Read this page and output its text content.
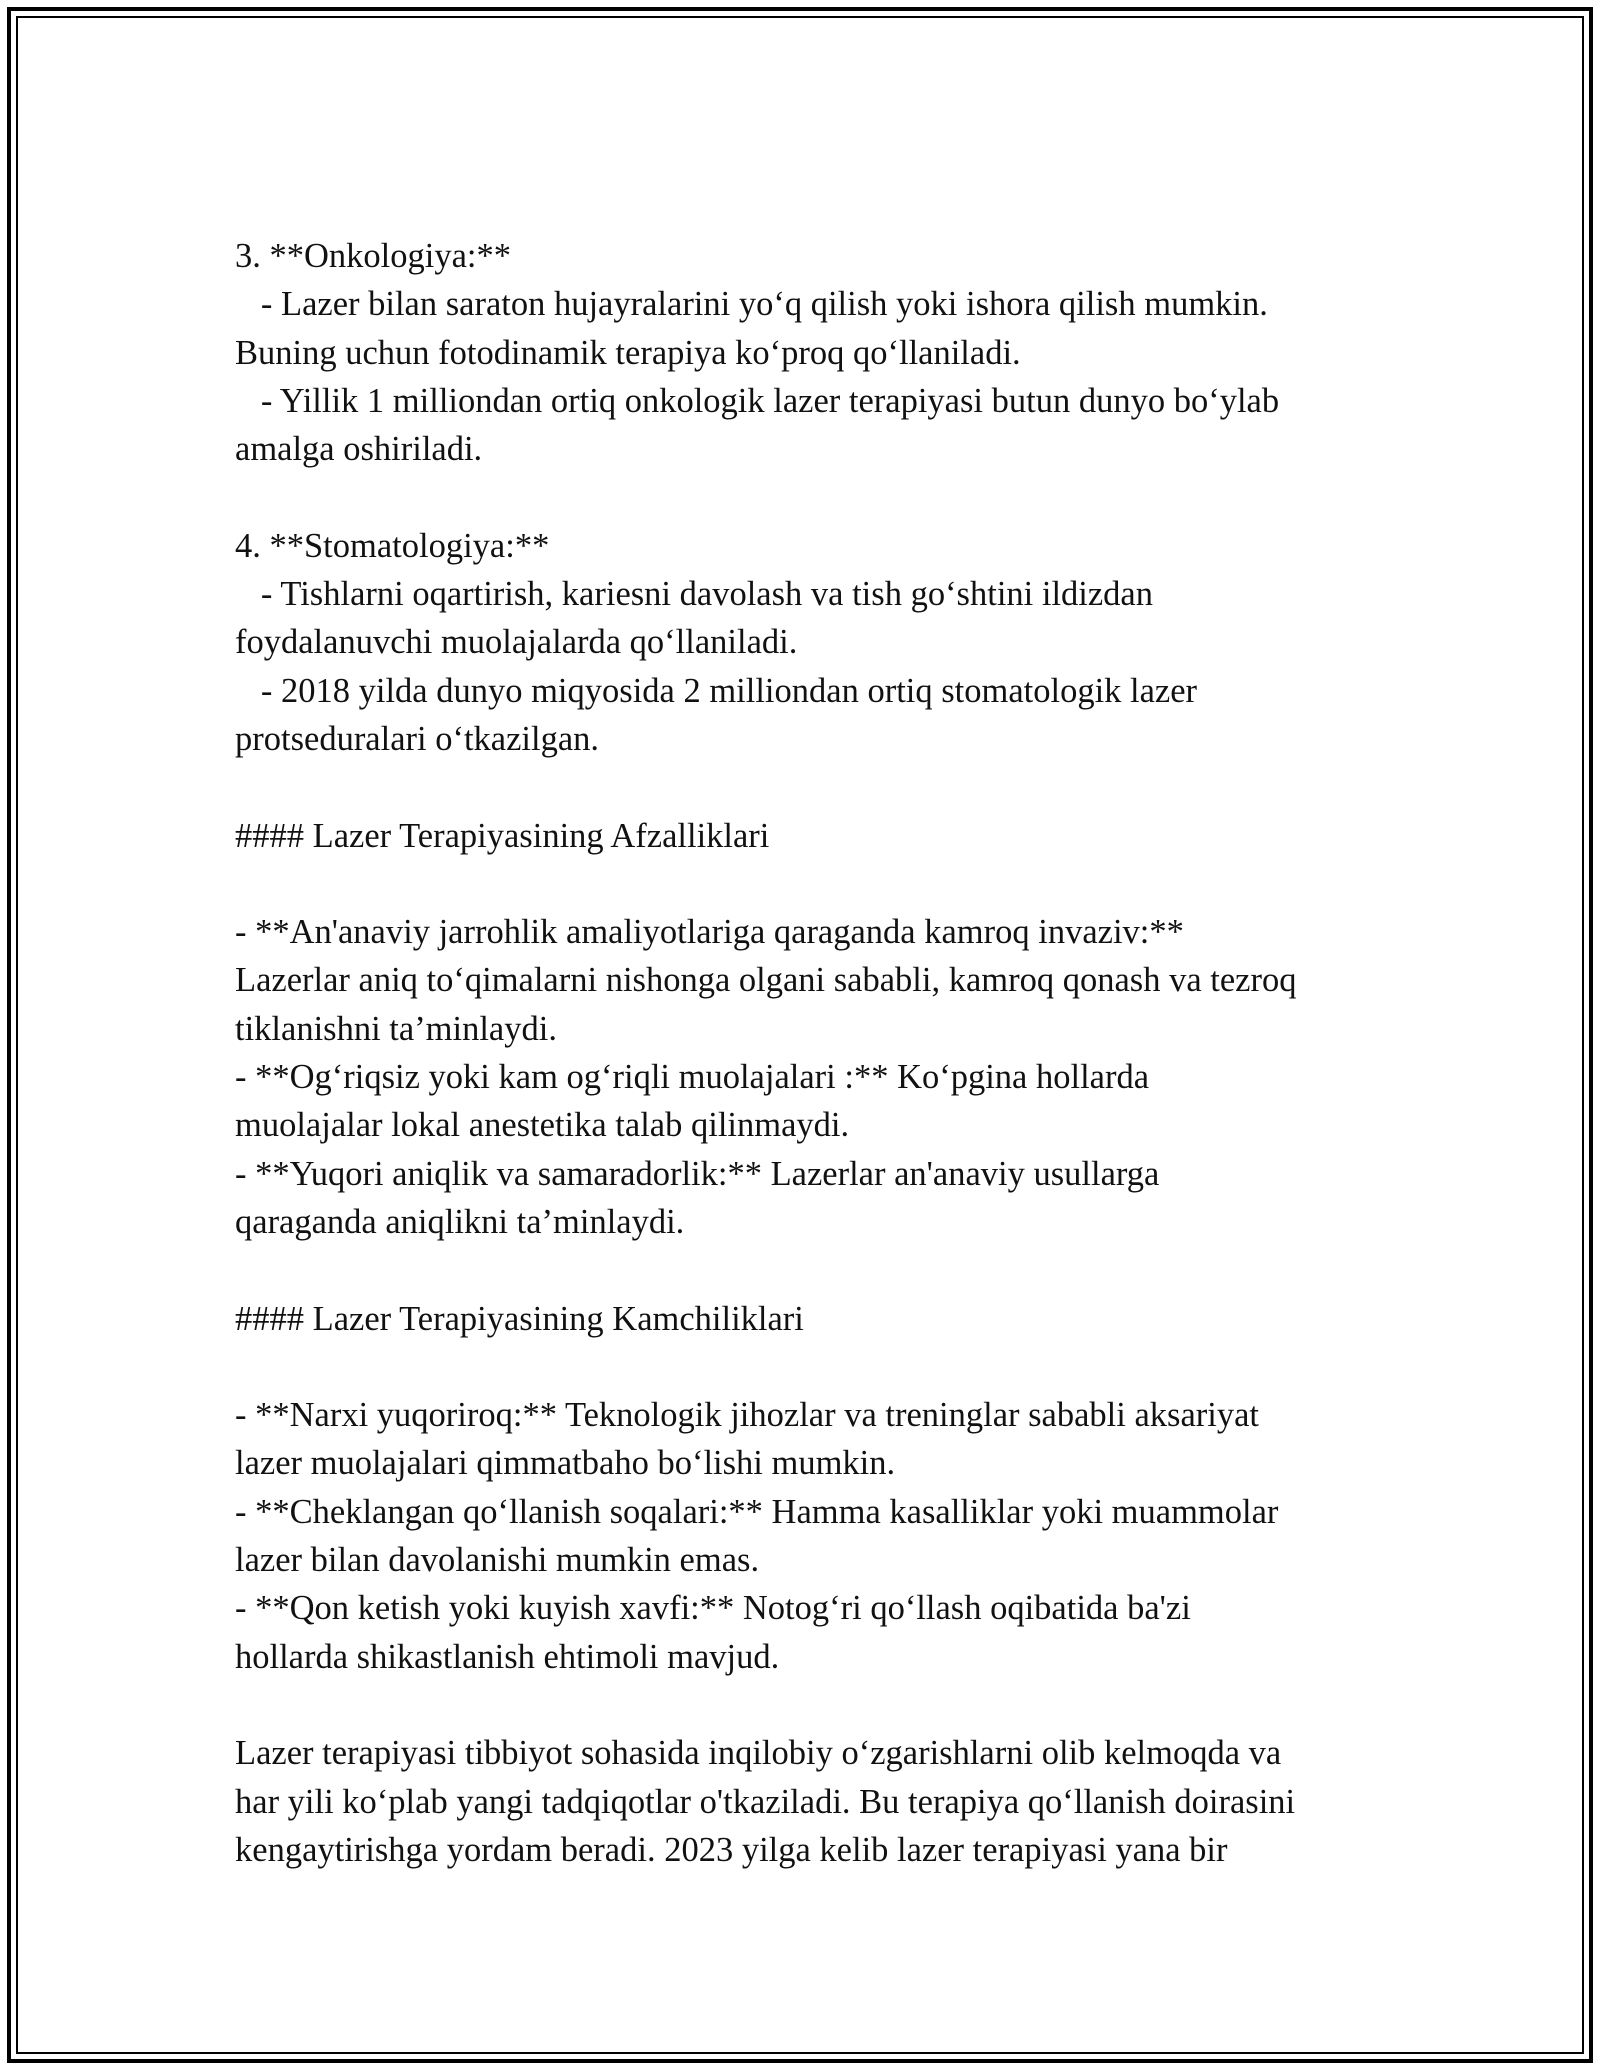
3. **Onkologiya:**
- Lazer bilan saraton hujayralarini yo‘q qilish yoki ishora qilish mumkin.
Buning uchun fotodinamik terapiya ko‘proq qo‘llaniladi.
- Yillik 1 milliondan ortiq onkologik lazer terapiyasi butun dunyo bo‘ylab
amalga oshiriladi.
4. **Stomatologiya:**
- Tishlarni oqartirish, kariesni davolash va tish go‘shtini ildizdan
foydalanuvchi muolajalarda qo‘llaniladi.
- 2018 yilda dunyo miqyosida 2 milliondan ortiq stomatologik lazer
protseduralari o‘tkazilgan.
#### Lazer Terapiyasining Afzalliklari
- **An'anaviy jarrohlik amaliyotlariga qaraganda kamroq invaziv:**
Lazerlar aniq to‘qimalarni nishonga olgani sababli, kamroq qonash va tezroq
tiklanishni ta’minlaydi.
- **Og‘riqsiz yoki kam og‘riqli muolajalari :** Ko‘pgina hollarda
muolajalar lokal anestetika talab qilinmaydi.
- **Yuqori aniqlik va samaradorlik:** Lazerlar an'anaviy usullarga
qaraganda aniqlikni ta’minlaydi.
#### Lazer Terapiyasining Kamchiliklari
- **Narxi yuqoriroq:** Teknologik jihozlar va treninglar sababli aksariyat
lazer muolajalari qimmatbaho bo‘lishi mumkin.
- **Cheklangan qo‘llanish soqalari:** Hamma kasalliklar yoki muammolar
lazer bilan davolanishi mumkin emas.
- **Qon ketish yoki kuyish xavfi:** Notog‘ri qo‘llash oqibatida ba'zi
hollarda shikastlanish ehtimoli mavjud.
Lazer terapiyasi tibbiyot sohasida inqilobiy o‘zgarishlarni olib kelmoqda va
har yili ko‘plab yangi tadqiqotlar o'tkaziladi. Bu terapiya qo‘llanish doirasini
kengaytirishga yordam beradi. 2023 yilga kelib lazer terapiyasi yana bir
